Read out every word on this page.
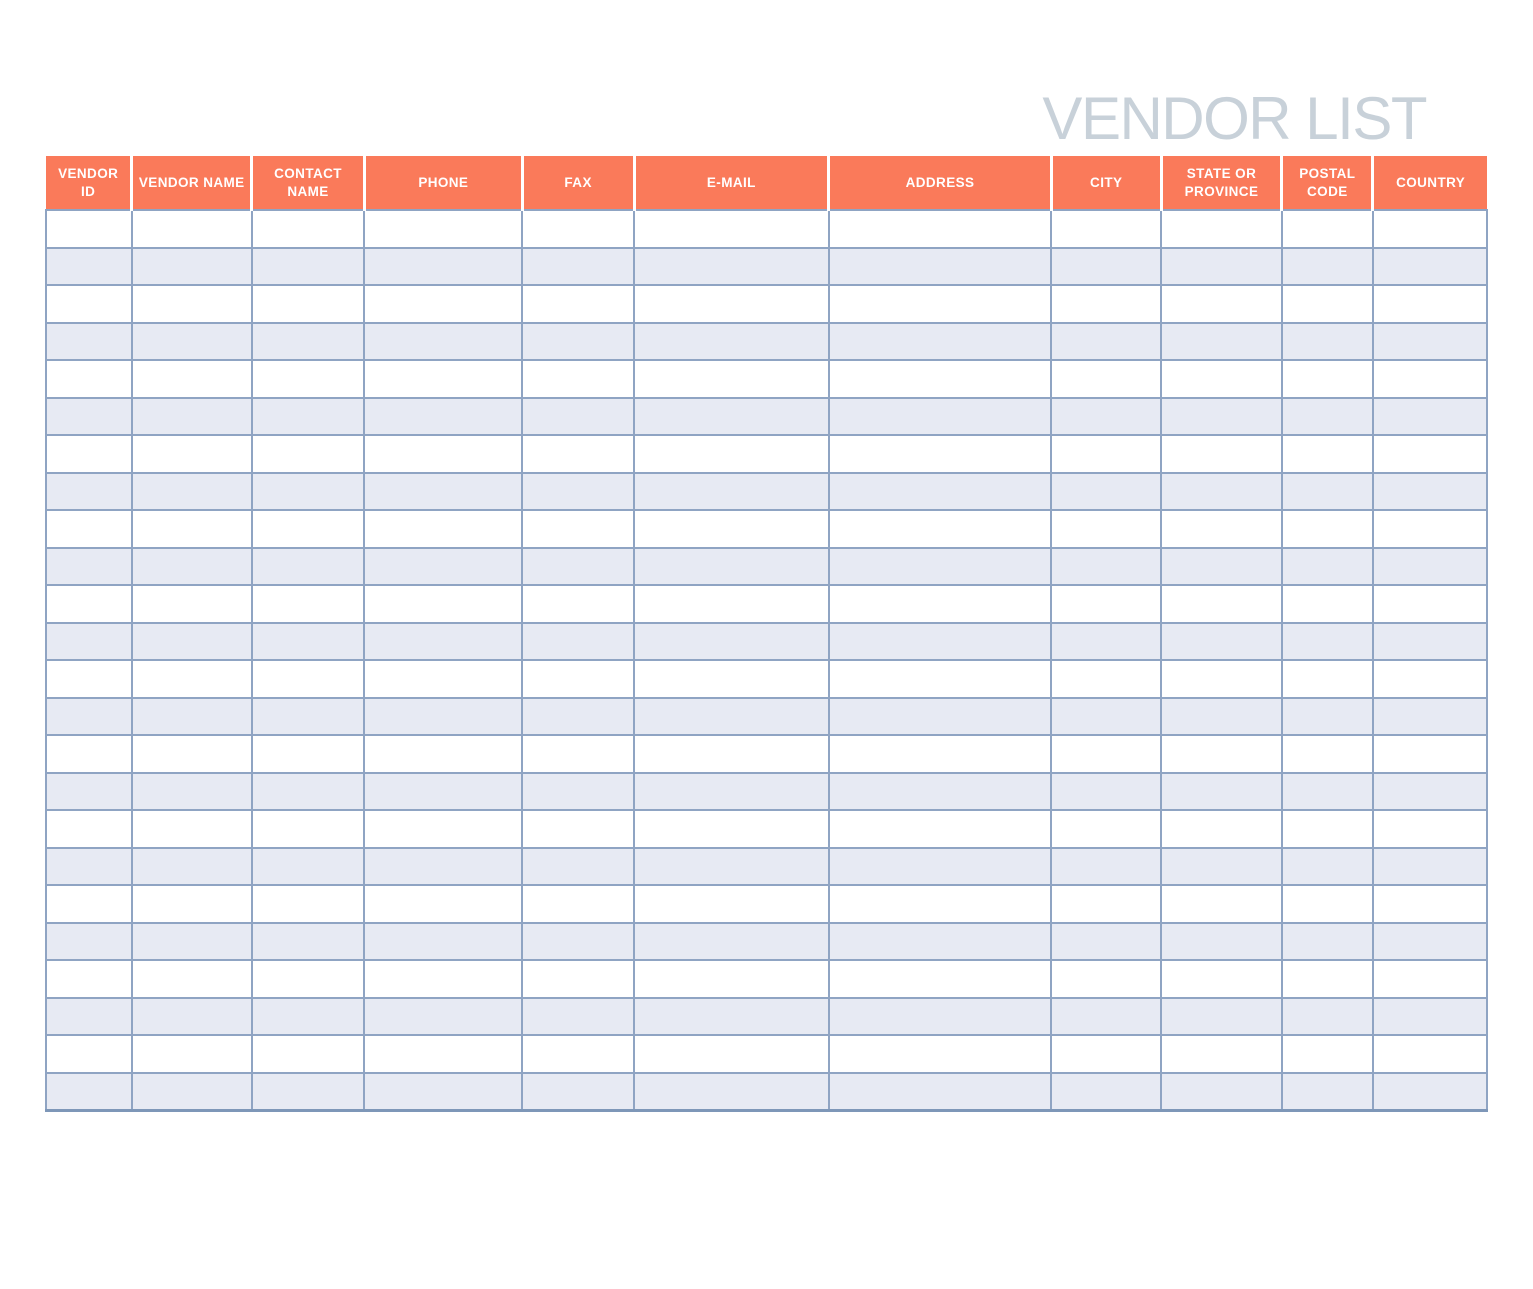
VENDOR LIST
VENDOR ID	VENDOR NAME	CONTACT NAME	PHONE	FAX	E-MAIL	ADDRESS	CITY	STATE OR PROVINCE	POSTAL CODE	COUNTRY
